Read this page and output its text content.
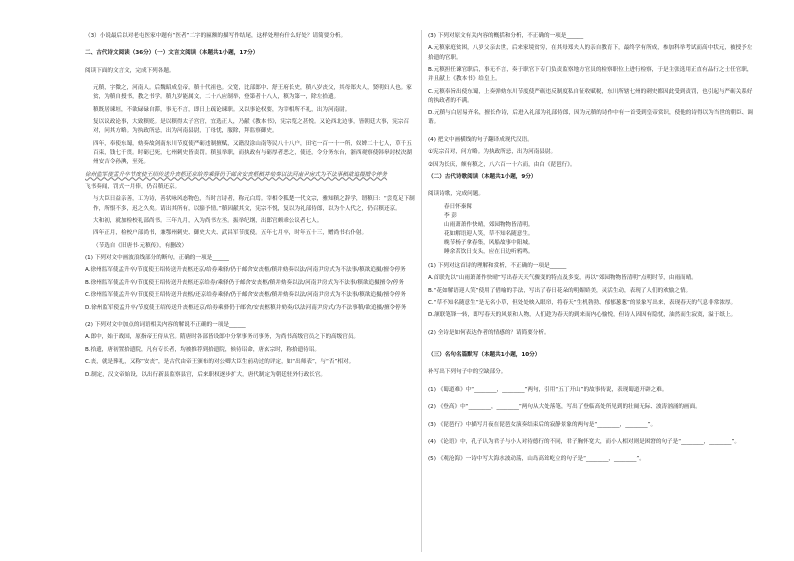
（3）小说最后以对老屯医家中题有“医者”二字的匾额的描写作结尾，这样处理有什么好处？请简要分析。

二、古代诗文阅读（36分）（一）文言文阅读（本题共1小题，17分）

阅读下面的文言文，完成下列各题。

元稹，字微之，河南人。后魏昭成皇帝，稹十代祖也。父宽，比部郎中、舒王府长史，稹八岁丧父，其母郑夫人，贤明妇人也。家贫，为稹自授书，教之书学。稹九岁能属文，二十八应制举，登第者十八人，稹为第一，除左拾遗。

稹既居谏垣，不欲碌碌自滞，事无不言，即日上疏论谏职。又以事论权要，为宰相所不礼，出为河南尉。

复以议政论事，大致稹贬。是以稹得太子宫官，宜选正人，乃献《教本书》，宪宗览之甚悦。又论西北边事，皆朝廷大事，宪宗召对，问其方略。为执政所忌，出为河南县尉，丁母忧，服除，拜监察御史。

四年，奉使东蜀，劾奏故剑南东川节度使严砺违制擅赋，又籍没涂山南等民八十八户，田宅一百一十一所，奴婢二十七人，草千五百束，钱七千贯。时砺已死，七州刺史皆责罚。稹虽举职，而执政有与砺厚者恶之，使还，令分务东台，浙西观察使韩皋封杖决湖州安吉令孙淟，至死。

徐州监军使孟升卒节度使王绍传送升丧柩还京给券乘驿仍于邮舍安丧柩稹并劾奏以法河南尹房式为不法事稹欲追摄擅令停务

飞书奏闻，罚式一月俸，仍召稹还京。

与大臣日益亲善，工为诗，善状咏风态物色，当时言诗者，称元白焉。宰相令狐楚一代文宗，雅知稹之辞学，谓稹曰：“尝览足下制作，所恨不多，迟之久矣。请出其所有，以豁予情。”稹因献其文，宪宗不悦，复以为礼部侍郎，以为个人代之，仍召稹还京。

大和初，就加检校礼部尚书。三年九月，入为尚书左丞。振举纪纲，出郎官颇乖公议者七人。

四年正月，检校户部尚书，兼鄂州刺史、御史大夫、武昌军节度使。五年七月卒，时年五十三，赠尚书右仆射。

（节选自《旧唐书·元稹传》，有删改）

(1) 下列对文中画波浪线部分的断句，正确的一项是______

A.徐州监军使孟升卒/节度使王绍传送升丧柩还京/给券乘驿/仍于邮舍安丧柩/稹并劾奏以法/河南尹房式为不法事/稹欲追摄/擅令停务

B.徐州监军使孟升卒/节度使王绍传送升丧柩还京给券/乘驿仍于邮舍安丧柩/稹并劾奏以法/河南尹房式为不法事/稹欲追摄擅令/停务

C.徐州监军使孟升卒/节度使王绍传送升丧柩/还京给券乘驿/仍于邮舍安丧柩/稹并劾奏以法/河南尹房式为不法事/稹欲追摄/擅令停务

D.徐州监军使孟升卒/节度使王绍传送升丧柩还京/给券乘驿仍于邮舍/安丧柩稹并劾奏/以法河南尹房式/为不法事稹/欲追摄/擅令停务

(2) 下列对文中加点的词语相关内容的解说不正确的一项是______

A.郎中，始于战国，原指帝王侍从官。隋唐时各部皆设郎中分掌事务司事务，为尚书高级官员之下的高级官员。

B.拾遗，唐初置拾遗院，凡有专长者，均被推荐到拾遗院，候待诏命，唐玄宗时，称拾遗待诏。

C.丧，就是葬礼，又称“安丧”，是古代由帝王颁布的对公卿大臣生前功过的评定，如“出师表”，与“否”相对。

D.制定，汉文帝始设，以出行新县监察县官，后来职权逐步扩大，唐代制定为朝廷驻外行政长官。

(3) 下列对原文有关内容的概括和分析，不正确的一项是______

A.元稹家庭贫困，八岁父亲去世，后来家境贫穷，在其母郑夫人的亲自教育下，最终学有所成，参加科举考试而高中状元，被授予左拾遗的官职。

B.元稹担任谏官职后，事无不言，奏于职官下专门负责监察地方官员的检察职位上进行检察，于是主张选用正直有品行之士任官职，并且献上《教本书》给皇上。

C.元稹奉旨出使东蜀，上奏弹劾东川节度使严砺违反制度私自征收赋税，东川所辖七州的刺史都因此受到责罚，也引起与严砺关系好的执政者的不满。

D.元稹与白居易齐名，擅长作诗，后进入礼部为礼部侍郎，因为元稹的诗作中有一首受到皇帝赏识，使他的诗得以为当世的朝臣、调谐。

(4) 把文中画横线的句子翻译成现代汉语。

①宪宗召对，问方略。为执政所忌，出为河南县尉。

②因为长庆，颇有稹之，八六百一十六而，由白《琵琶行》。

（二）古代诗歌阅读（本题共1小题，9分）

阅读诗歌，完成问题。

春日怀秦髯

李 彭

山雨萧萧作快晴，郊园物物皆清明。

花如解语迎人笑，草不知名随意生。

晚节杨子拿春集，风船故事中阳城。

睡余茗饮日支头，应在日边听鸦鸣。

(1) 下列对这首诗的理解和赏析，不正确的一项是______

A.首联先以“山雨萧萧作快晴”写出春天天气骤变的特点及多变，再以“郊园物物皆清明”点明时节，由雨而晴。

B.“花如解语迎人笑”使用了借喻的手法，写出了春日花朵的明媚娇美，灵活生动，表现了人们的欢愉之情。

C.“草不知名随意生”是无名小草，但处处映入眼帘，将春天“生机勃勃、郁郁葱葱”的景象写出来，表现春天的气息非常浓厚。

D.颔联笔锋一转，即写春天的风景和人物，人们趁为春天的到来而内心愉悦，但诗人因因有隐忧，油然而生寂寞，溢于纸上。

(2) 全诗是如何表达作者的情感的？请简要分析。

（三）名句名篇默写（本题共1小题，10分）

补写出下列句子中的空缺部分。

(1) 《蜀道难》中“________，________”两句，引用“五丁开山”的故事传说，表现蜀道开辟之难。

(2) 《登高》中“________，________”两句从大处落笔，写出了登临高处所见到的壮阔无际、波涛汹涌的画面。

(3) 《琵琶行》中描写月夜在琵琶女演奏结束后的寂静景象的两句是“________，________”。

(4) 《论语》中，孔子认为君子与小人对待德行的不同，君子胸怀宽大，而小人相对则是困窘的句子是“________，________”。

(5) 《观沧海》一诗中写大海水波动荡，山岛高耸屹立的句子是“________，________”。
